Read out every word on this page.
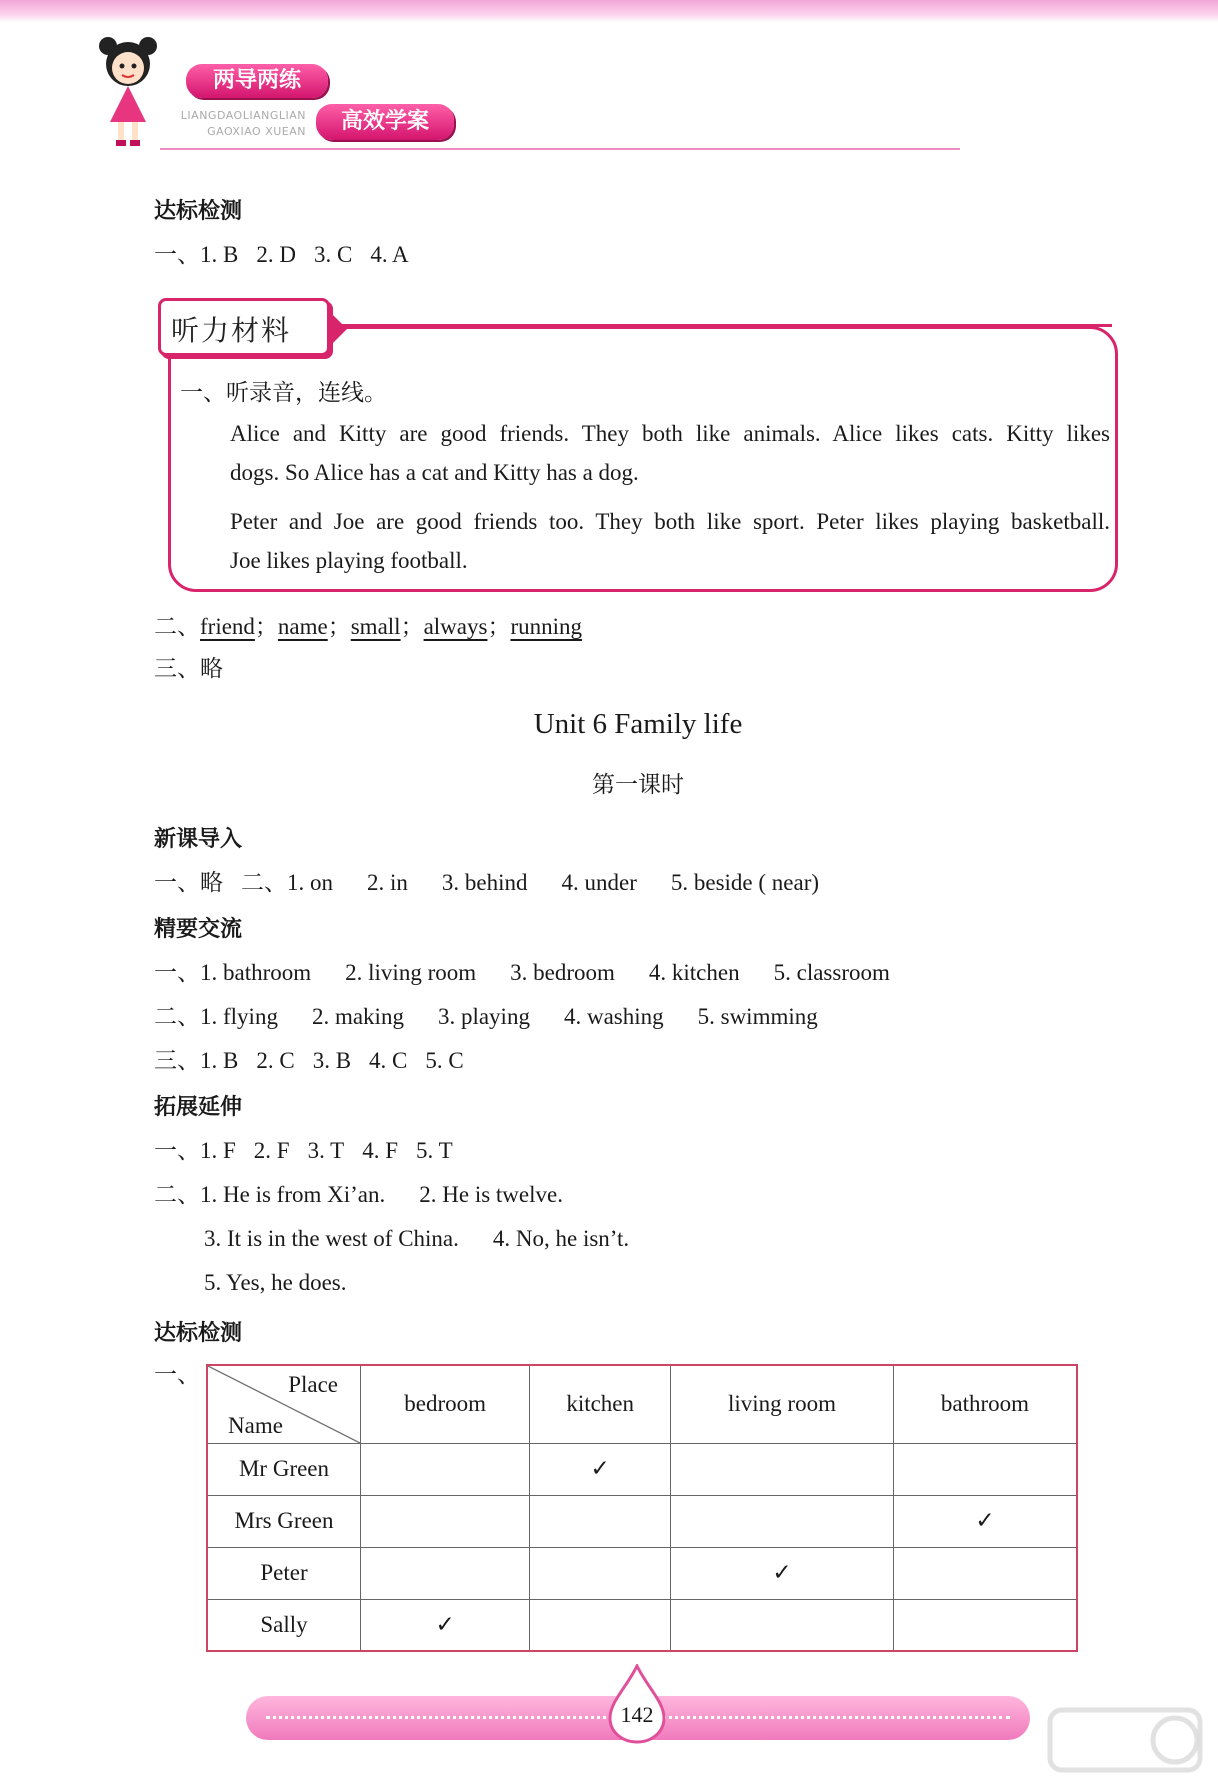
两导两练
LIANGDAOLIANGLIAN
GAOXIAO XUEAN	高效学案
达标检测
一、1. B 2. D 3. C 4. A
听力材料
一、听录音，连线。
Alice and Kitty are good friends. They both like animals. Alice likes cats. Kitty likes
dogs. So Alice has a cat and Kitty has a dog.
Peter and Joe are good friends too. They both like sport. Peter likes playing basketball.
Joe likes playing football.
二、friend；name；small；always；running
三、略
Unit 6 Family life
第一课时
新课导入
一、略 二、1. on 2. in 3. behind 4. under 5. beside ( near)
精要交流
一、1. bathroom 2. living room 3. bedroom 4. kitchen 5. classroom
二、1. flying 2. making 3. playing 4. washing 5. swimming
三、1. B 2. C 3. B 4. C 5. C
拓展延伸
一、1. F 2. F 3. T 4. F 5. T
二、1. He is from Xi’an. 2. He is twelve.
3. It is in the west of China. 4. No, he isn’t.
5. Yes, he does.
达标检测
一、	Place
Name	bedroom	kitchen	living room	bathroom
Mr Green		✓		
Mrs Green				✓
Peter			✓	
Sally	✓			
142
